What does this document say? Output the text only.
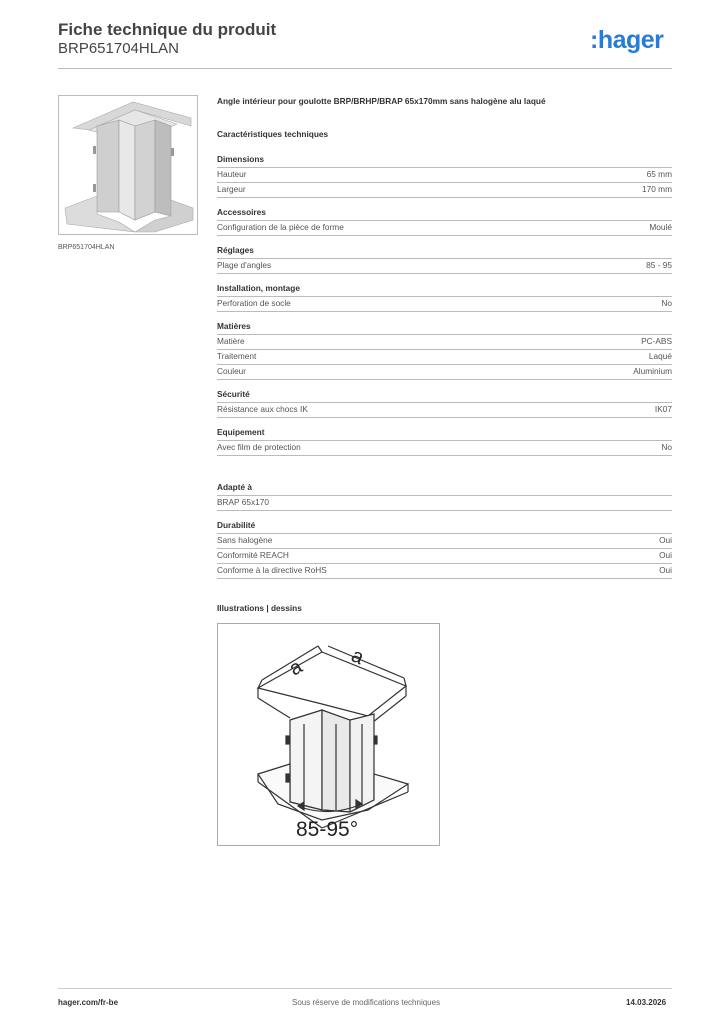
Fiche technique du produit
BRP651704HLAN	:hager
BRP651704HLAN
Angle intérieur pour goulotte BRP/BRHP/BRAP 65x170mm sans halogène alu laqué
Caractéristiques techniques
Dimensions
Hauteur	65 mm
Largeur	170 mm
Accessoires
Configuration de la pièce de forme	Moulé
Réglages
Plage d'angles	85 - 95
Installation, montage
Perforation de socle	No
Matières
Matière	PC-ABS
Traitement	Laqué
Couleur	Aluminium
Sécurité
Résistance aux chocs IK	IK07
Equipement
Avec film de protection	No
Adapté à
BRAP 65x170
Durabilité
Sans halogène	Oui
Conformité REACH	Oui
Conforme à la directive RoHS	Oui
Illustrations | dessins
a a
85-95°
hager.com/fr-be	Sous réserve de modifications techniques	14.03.2026
